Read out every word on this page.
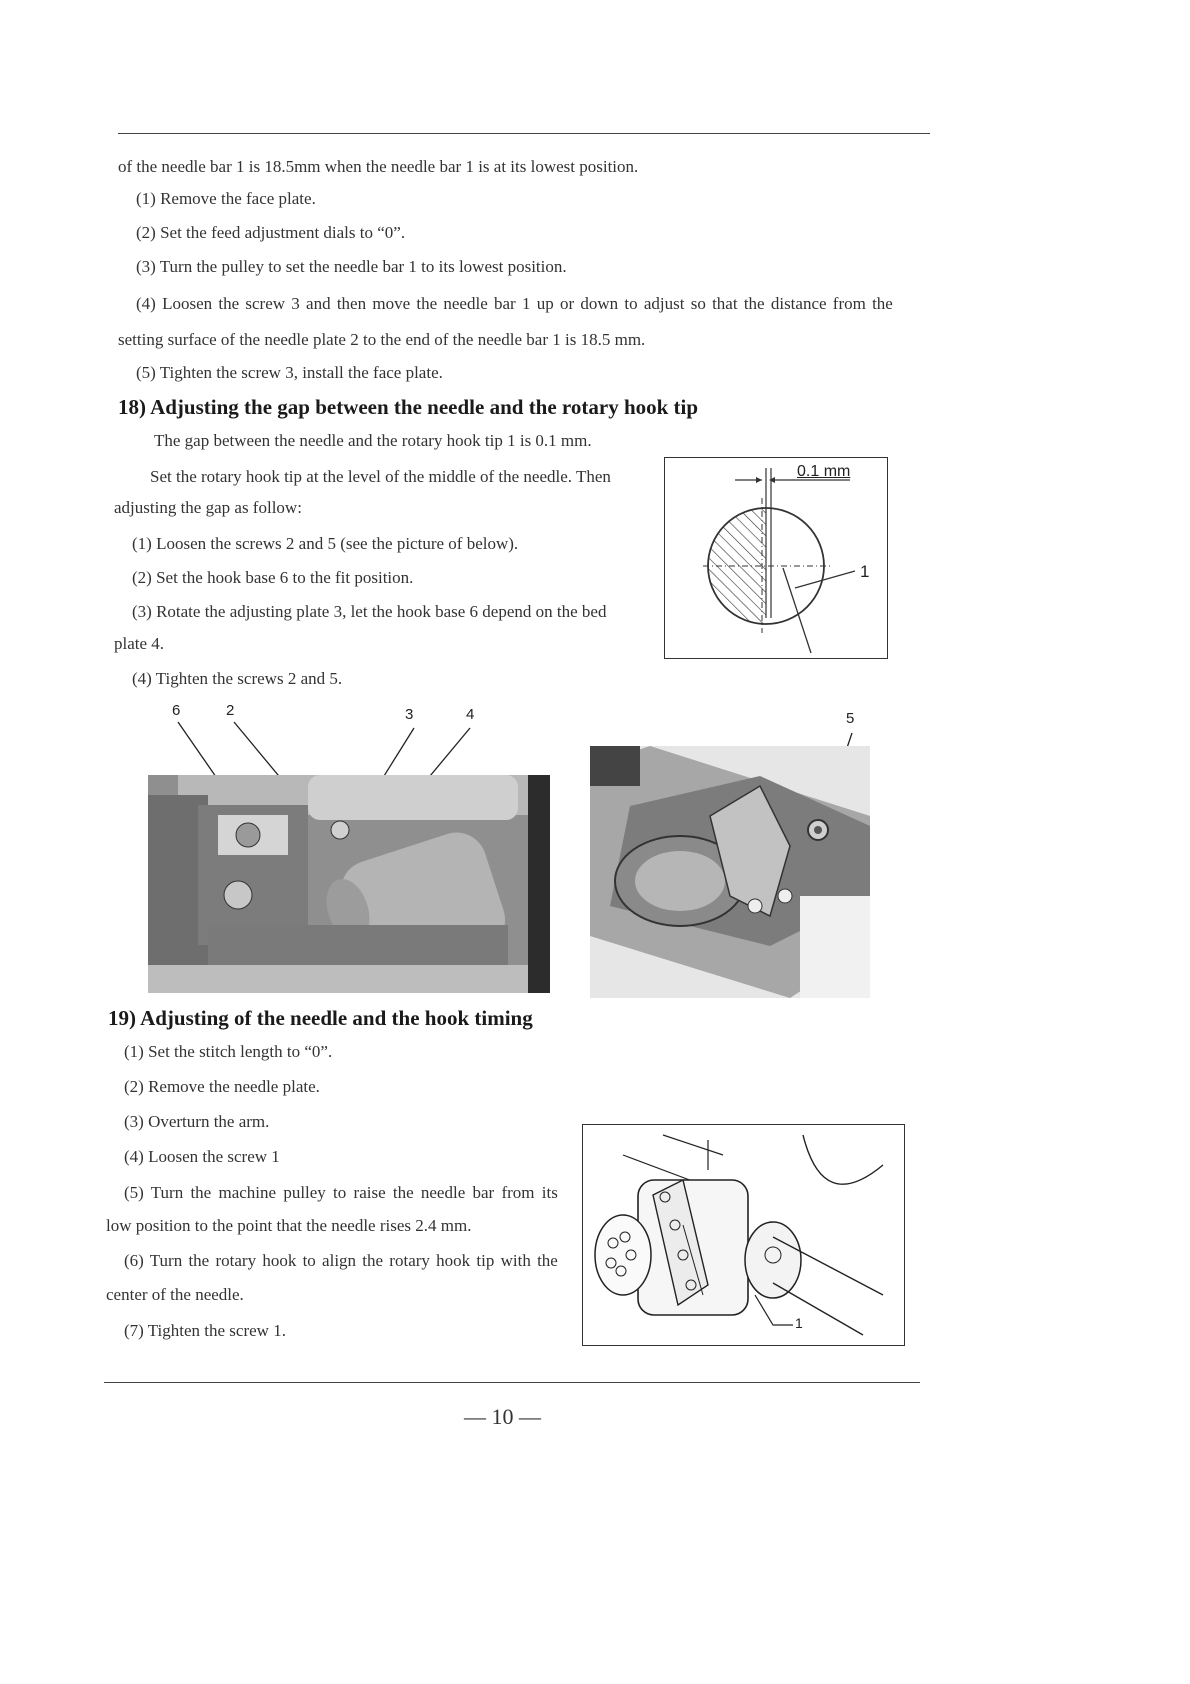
of the needle bar 1 is 18.5mm when the needle bar 1 is at its lowest position.
(1) Remove the face plate.
(2) Set the feed adjustment dials to “0”.
(3) Turn the pulley to set the needle bar 1 to its lowest position.
(4) Loosen the screw 3 and then move the needle bar 1 up or down to adjust so that the distance from the
setting surface of the needle plate 2 to the end of the needle bar 1 is 18.5 mm.
(5) Tighten the screw 3, install the face plate.
18) Adjusting the gap between the needle and the rotary hook tip
The gap between the needle and the rotary hook tip 1 is 0.1 mm.
Set the rotary hook tip at the level of the middle of the needle. Then
adjusting the gap as follow:
(1) Loosen the screws 2 and 5 (see the picture of below).
(2) Set the hook base 6 to the fit position.
(3) Rotate the adjusting plate 3, let the hook base 6 depend on the bed
plate 4.
(4) Tighten the screws 2 and 5.
0.1 mm
1
6	2	3	4	5
19) Adjusting of the needle and the hook timing
(1) Set the stitch length to “0”.
(2) Remove the needle plate.
(3) Overturn the arm.
(4) Loosen the screw 1
(5) Turn the machine pulley to raise the needle bar from its
low position to the point that the needle rises 2.4 mm.
(6) Turn the rotary hook to align the rotary hook tip with the
center of the needle.
(7) Tighten the screw 1.	1
— 10 —
